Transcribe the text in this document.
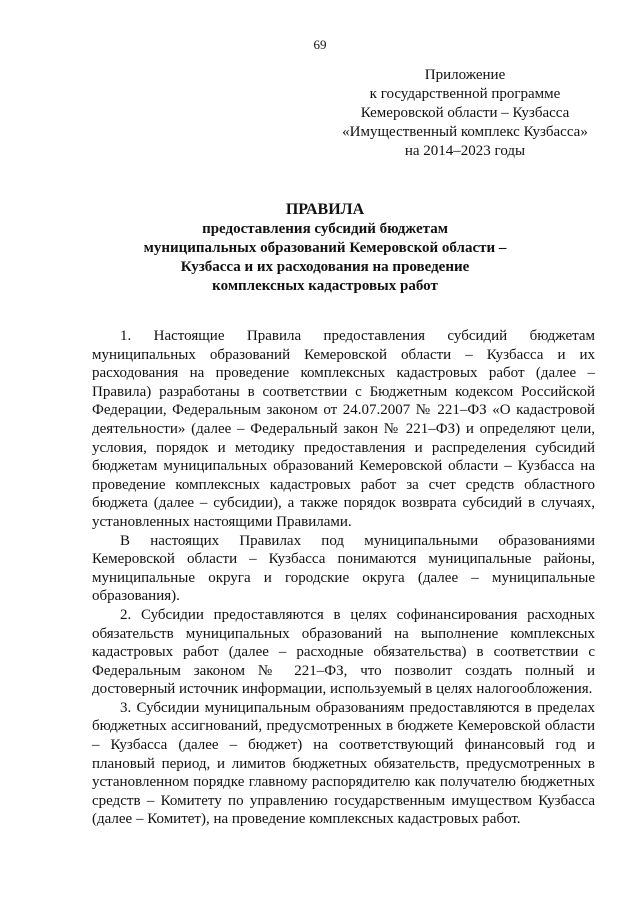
69
Приложение
к государственной программе
Кемеровской области – Кузбасса
«Имущественный комплекс Кузбасса»
на 2014–2023 годы
ПРАВИЛА
предоставления субсидий бюджетам
муниципальных образований Кемеровской области –
Кузбасса и их расходования на проведение
комплексных кадастровых работ

1. Настоящие Правила предоставления субсидий бюджетам муниципальных образований Кемеровской области – Кузбасса и их расходования на проведение комплексных кадастровых работ (далее – Правила) разработаны в соответствии с Бюджетным кодексом Российской Федерации, Федеральным законом от 24.07.2007 № 221–ФЗ «О кадастровой деятельности» (далее – Федеральный закон № 221–ФЗ) и определяют цели, условия, порядок и методику предоставления и распределения субсидий бюджетам муниципальных образований Кемеровской области – Кузбасса на проведение комплексных кадастровых работ за счет средств областного бюджета (далее – субсидии), а также порядок возврата субсидий в случаях, установленных настоящими Правилами.

В настоящих Правилах под муниципальными образованиями Кемеровской области – Кузбасса понимаются муниципальные районы, муниципальные округа и городские округа (далее – муниципальные образования).

2. Субсидии предоставляются в целях софинансирования расходных обязательств муниципальных образований на выполнение комплексных кадастровых работ (далее – расходные обязательства) в соответствии с Федеральным законом № 221–ФЗ, что позволит создать полный и достоверный источник информации, используемый в целях налогообложения.

3. Субсидии муниципальным образованиям предоставляются в пределах бюджетных ассигнований, предусмотренных в бюджете Кемеровской области – Кузбасса (далее – бюджет) на соответствующий финансовый год и плановый период, и лимитов бюджетных обязательств, предусмотренных в установленном порядке главному распорядителю как получателю бюджетных средств – Комитету по управлению государственным имуществом Кузбасса (далее – Комитет), на проведение комплексных кадастровых работ.
